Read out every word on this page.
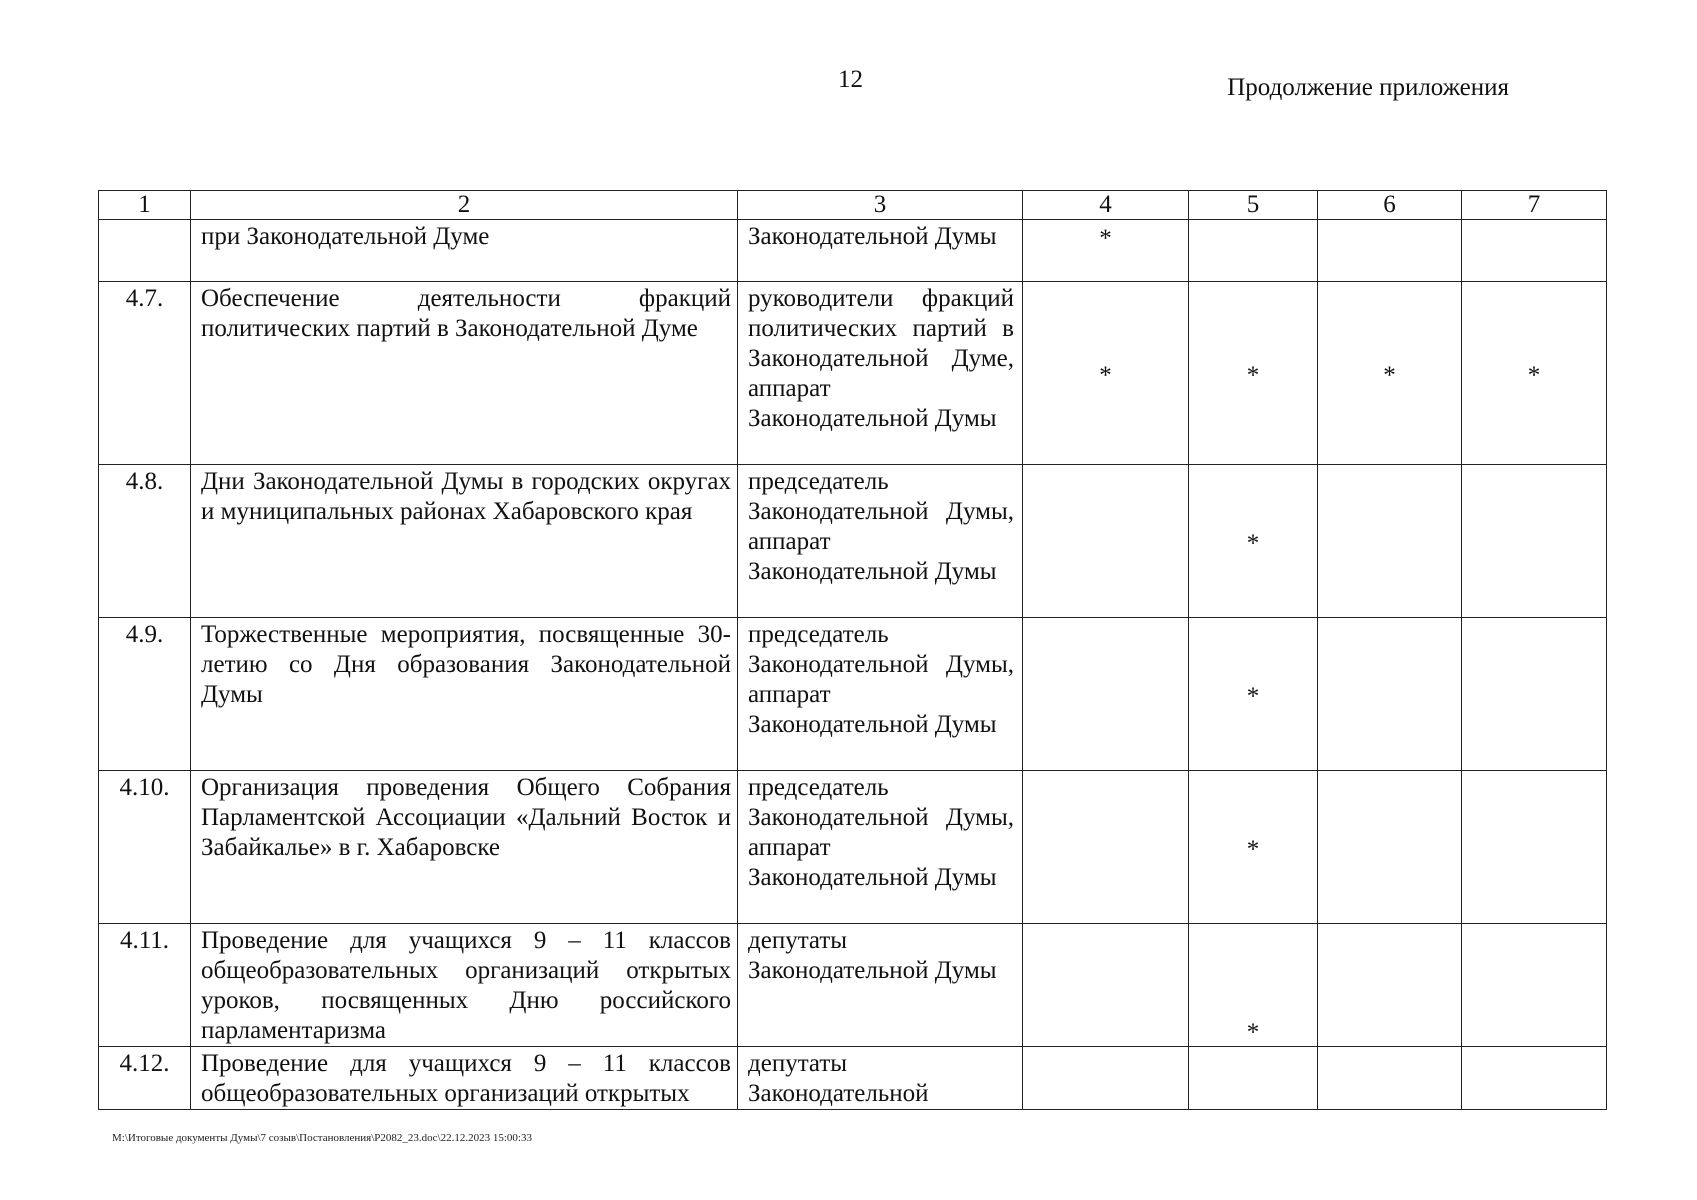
12	Продолжение приложения
1	2	3	4	5	6	7
	при Законодательной Думе	Законодательной Думы	*			

4.7.	Обеспечение деятельности фракций политических партий в Законодательной Думе	руководители фракций политических партий в Законодательной Думе, аппарат Законодательной Думы	*	*	*	*

4.8.	Дни Законодательной Думы в городских округах и муниципальных районах Хабаровского края	председатель Законодательной Думы, аппарат Законодательной Думы		*		

4.9.	Торжественные мероприятия, посвященные 30-летию со Дня образования Законодательной Думы	председатель Законодательной Думы, аппарат Законодательной Думы		*		

4.10.	Организация проведения Общего Собрания Парламентской Ассоциации «Дальний Восток и Забайкалье» в г. Хабаровске	председатель Законодательной Думы, аппарат Законодательной Думы		*		

4.11.	Проведение для учащихся 9 – 11 классов общеобразовательных организаций открытых уроков, посвященных Дню российского парламентаризма	депутаты Законодательной Думы		*		

4.12.	Проведение для учащихся 9 – 11 классов общеобразовательных организаций открытых	депутаты Законодательной	

M:\Итоговые документы Думы\7 созыв\Постановления\P2082_23.doc\22.12.2023 15:00:33
